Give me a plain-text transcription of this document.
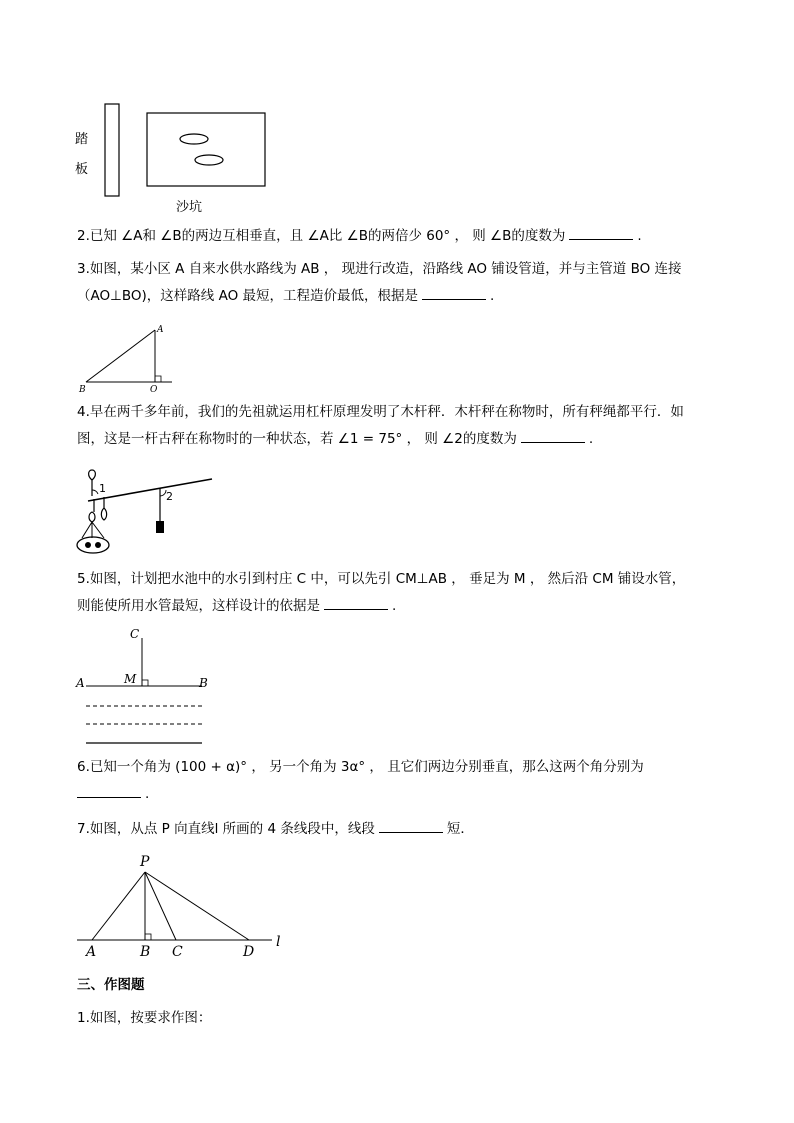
踏
板
沙坑
2.已知 ∠A和 ∠B的两边互相垂直，且 ∠A比 ∠B的两倍少 60° ， 则 ∠B的度数为	.
3.如图，某小区 A 自来水供水路线为 AB ， 现进行改造，沿路线 AO 铺设管道，并与主管道 BO 连接
（AO⊥BO)，这样路线 AO 最短，工程造价最低，根据是	.
A
B	O
4.早在两千多年前，我们的先祖就运用杠杆原理发明了木杆秤．木杆秤在称物时，所有秤绳都平行．如
图，这是一杆古秤在称物时的一种状态，若 ∠1 = 75° ， 则 ∠2的度数为	.
1
2
5.如图，计划把水池中的水引到村庄 C 中，可以先引 CM⊥AB ， 垂足为 M ， 然后沿 CM 铺设水管，
则能使所用水管最短，这样设计的依据是	.
C
A	M	B
6.已知一个角为 (100 + α)° ， 另一个角为 3α° ， 且它们两边分别垂直，那么这两个角分别为
.
7.如图，从点 P 向直线l 所画的 4 条线段中，线段	短．
P
A	B C	D
l
三、作图题
1.如图，按要求作图：
